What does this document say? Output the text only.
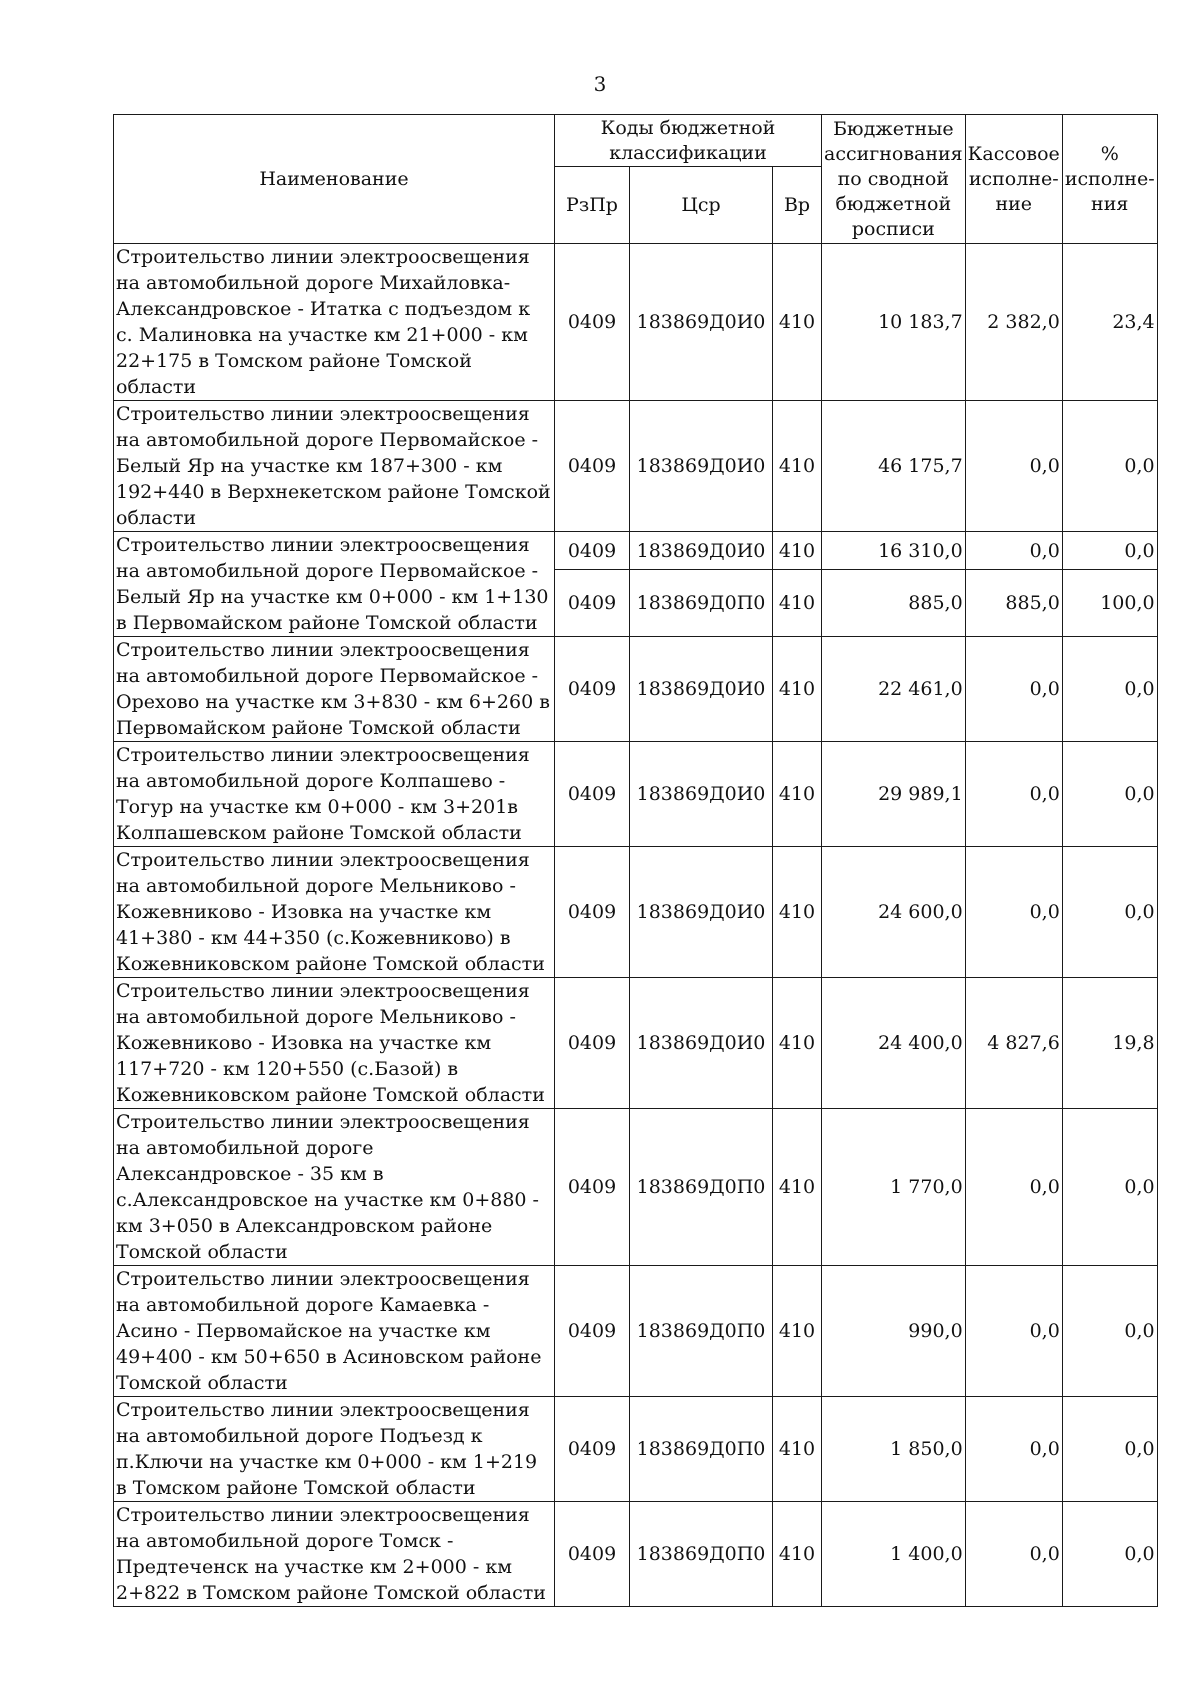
3
Наименование	Коды бюджетной классификации			Бюджетные ассигнования по сводной бюджетной росписи	Кассовое исполне-ние	% исполне-ния
	РзПр	Цср	Вр			
Строительство линии электроосвещения на автомобильной дороге Михайловка-Александровское - Итатка с подъездом к с. Малиновка на участке км 21+000 - км 22+175 в Томском районе Томской области	0409	183869Д0И0	410	10 183,7	2 382,0	23,4
Строительство линии электроосвещения на автомобильной дороге Первомайское - Белый Яр на участке км 187+300 - км 192+440 в Верхнекетском районе Томской области	0409	183869Д0И0	410	46 175,7	0,0	0,0
Строительство линии электроосвещения на автомобильной дороге Первомайское - Белый Яр на участке км 0+000 - км 1+130 в Первомайском районе Томской области	0409	183869Д0И0	410	16 310,0	0,0	0,0
	0409	183869Д0П0	410	885,0	885,0	100,0
Строительство линии электроосвещения на автомобильной дороге Первомайское - Орехово на участке км 3+830 - км 6+260 в Первомайском районе Томской области	0409	183869Д0И0	410	22 461,0	0,0	0,0
Строительство линии электроосвещения на автомобильной дороге Колпашево - Тогур на участке км 0+000 - км 3+201в Колпашевском районе Томской области	0409	183869Д0И0	410	29 989,1	0,0	0,0
Строительство линии электроосвещения на автомобильной дороге Мельниково - Кожевниково - Изовка на участке км 41+380 - км 44+350 (с.Кожевниково) в Кожевниковском районе Томской области	0409	183869Д0И0	410	24 600,0	0,0	0,0
Строительство линии электроосвещения на автомобильной дороге Мельниково - Кожевниково - Изовка на участке км 117+720 - км 120+550 (с.Базой) в Кожевниковском районе Томской области	0409	183869Д0И0	410	24 400,0	4 827,6	19,8
Строительство линии электроосвещения на автомобильной дороге Александровское - 35 км в с.Александровское на участке км 0+880 - км 3+050 в Александровском районе Томской области	0409	183869Д0П0	410	1 770,0	0,0	0,0
Строительство линии электроосвещения на автомобильной дороге Камаевка - Асино - Первомайское на участке км 49+400 - км 50+650 в Асиновском районе Томской области	0409	183869Д0П0	410	990,0	0,0	0,0
Строительство линии электроосвещения на автомобильной дороге Подъезд к п.Ключи на участке км 0+000 - км 1+219 в Томском районе Томской области	0409	183869Д0П0	410	1 850,0	0,0	0,0
Строительство линии электроосвещения на автомобильной дороге Томск - Предтеченск на участке км 2+000 - км 2+822 в Томском районе Томской области	0409	183869Д0П0	410	1 400,0	0,0	0,0
